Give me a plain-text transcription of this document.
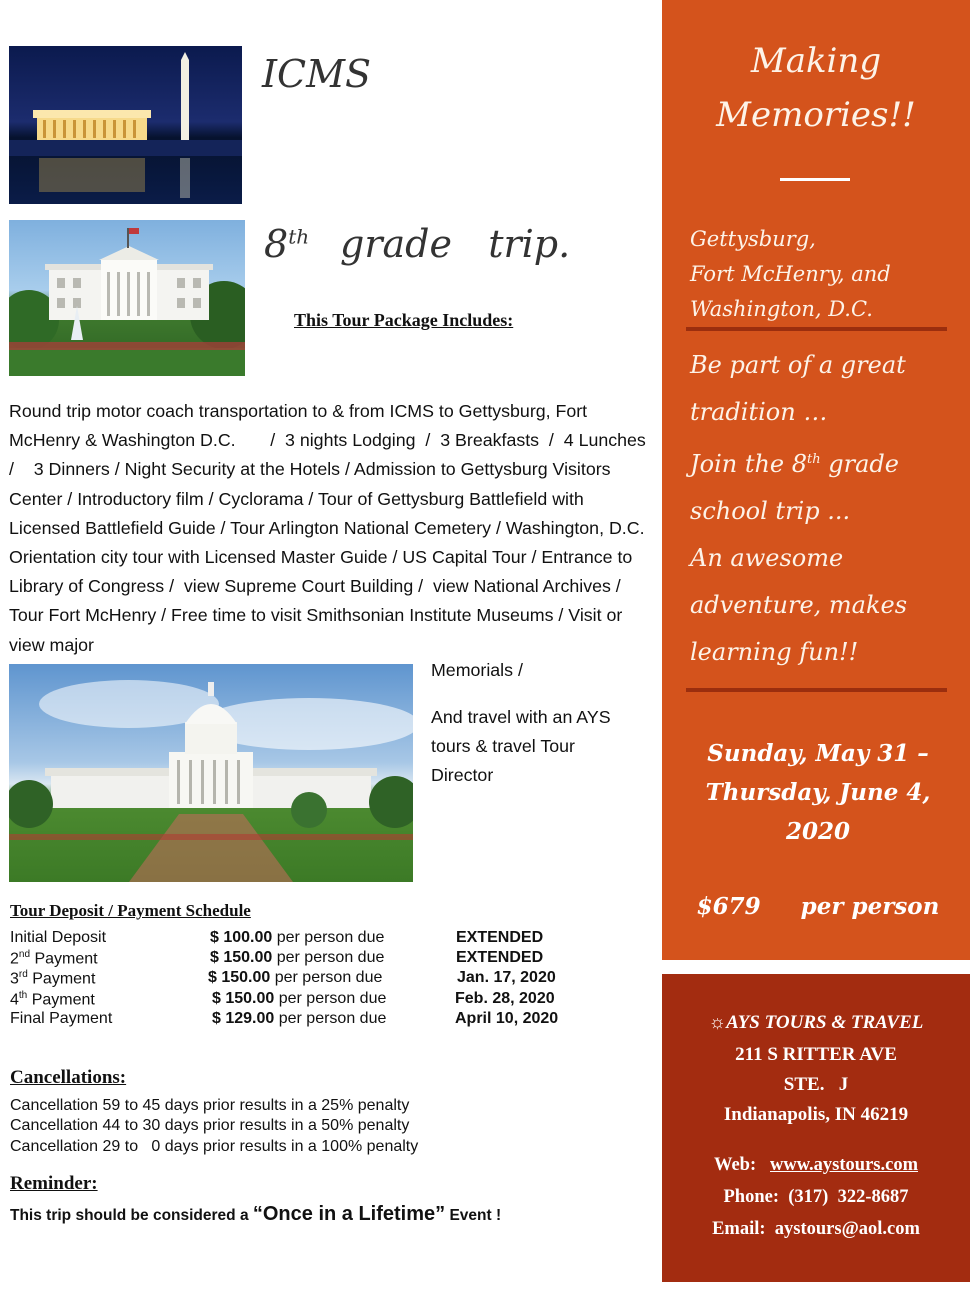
ICMS
8th grade   trip.
This Tour Package Includes:
Round trip motor coach transportation to & from ICMS to Gettysburg, Fort McHenry & Washington D.C.       /  3 nights Lodging  /  3 Breakfasts  /  4 Lunches /    3 Dinners / Night Security at the Hotels / Admission to Gettysburg Visitors Center / Introductory film / Cyclorama / Tour of Gettysburg Battlefield with Licensed Battlefield Guide / Tour Arlington National Cemetery / Washington, D.C. Orientation city tour with Licensed Master Guide / US Capital Tour / Entrance to Library of Congress /  view Supreme Court Building /  view National Archives / Tour Fort McHenry / Free time to visit Smithsonian Institute Museums / Visit or view major
Memorials /
And travel with an AYS tours & travel Tour Director
Tour Deposit / Payment Schedule
Initial Deposit	$ 100.00 per person due	EXTENDED
2nd Payment	$ 150.00 per person due	EXTENDED
3rd Payment	$ 150.00 per person due	Jan. 17, 2020
4th Payment	$ 150.00 per person due	Feb. 28, 2020
Final Payment	$ 129.00 per person due	April 10, 2020
Cancellations:
Cancellation 59 to 45 days prior results in a 25% penalty
Cancellation 44 to 30 days prior results in a 50% penalty
Cancellation 29 to   0 days prior results in a 100% penalty
Reminder:
This trip should be considered a “Once in a Lifetime” Event !
Making
Memories!!
Gettysburg,
Fort McHenry, and
Washington, D.C.
Be part of a great
tradition …
Join the 8th grade
school trip ...
An awesome
adventure, makes
learning fun!!
Sunday, May 31 –
Thursday, June 4,
2020
$679     per person
☼AYS TOURS & TRAVEL
211 S RITTER AVE
STE.   J
Indianapolis, IN 46219
Web: www.aystours.com
Phone: (317)  322-8687
Email: aystours@aol.com
